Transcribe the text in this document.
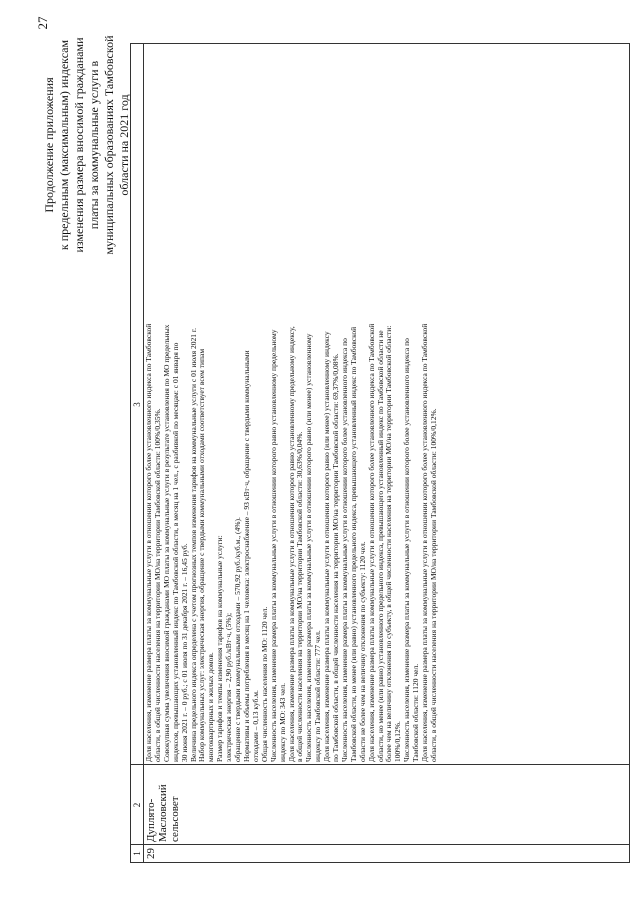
27
Продолжение приложения к предельным (максимальным) индексам изменения размера вносимой гражданами платы за коммунальные услуги в муниципальных образованиях Тамбовской области на 2021 год
1
2
3
29
Дуплято-Масловский сельсовет
Доля населения, изменение размера платы за коммунальные услуги в отношении которого более установленного индекса по Тамбовской области, в общей численности населения на территории МО/на территории Тамбовской области: 100%/0,35%. Совокупная сумма увеличения вносимой гражданами МО платы за коммунальные услуги в результате установления по МО предельных индексов, превышающих установленный индекс по Тамбовской области, в месяц на 1 чел., с разбивкой по месяцам: с 01 января по 30 июня 2021 г. – 0 руб.; с 01 июля по 31 декабря 2021 г. – 16,45 руб. Величина предельного индекса определена с учетом прогнозных темпов изменения тарифов на коммунальные услуги с 01 июля 2021 г. Набор коммунальных услуг: электрическая энергия, обращение с твердыми коммунальными отходами соответствует всем типам многоквартирных и жилых домов. Размер тарифов и темпы изменения тарифов на коммунальные услуги: электрическая энергия – 2,90 руб./кВт·ч, (5%); обращение с твердыми коммунальными отходами – 570,92 руб./куб.м., (4%). Нормативы и объемы потребления в месяц на 1 человека: электроснабжение – 93 кВт·ч, обращение с твердыми коммунальными отходами – 0,13 куб.м. Общая численность населения по МО: 1120 чел. Численность населения, изменение размера платы за коммунальные услуги в отношении которого равно установленному предельному индексу по МО: 343 чел. Доля населения, изменение размера платы за коммунальные услуги в отношении которого равно установленному предельному индексу, в общей численности населения на территории МО/на территории Тамбовской области: 30,63%/0,04%. Численность населения, изменение размера платы за коммунальные услуги в отношении которого равно (или менее) установленному индексу по Тамбовской области: 777 чел. Доля населения, изменение размера платы за коммунальные услуги в отношении которого равно (или менее) установленному индексу по Тамбовской области, в общей численности населения на территории МО/на территории Тамбовской области: 69,37%/0,08%. Численность населения, изменение размера платы за коммунальные услуги в отношении которого более установленного индекса по Тамбовской области, но менее (или равно) установленного предельного индекса, превышающего установленный индекс по Тамбовской области не более чем на величину отклонения по субъекту: 1120 чел. Доля населения, изменение размера платы за коммунальные услуги в отношении которого более установленного индекса по Тамбовской области, но менее (или равно) установленного предельного индекса, превышающего установленный индекс по Тамбовской области не более чем на величину отклонения по субъекту, в общей численности населения на территории МО/на территории Тамбовской области: 100%/0,12%. Численность населения, изменение размера платы за коммунальные услуги в отношении которого более установленного индекса по Тамбовской области: 1120 чел. Доля населения, изменение размера платы за коммунальные услуги в отношении которого более установленного индекса по Тамбовской области, в общей численности населения на территории МО/на территории Тамбовской области: 100%/0,12%.
